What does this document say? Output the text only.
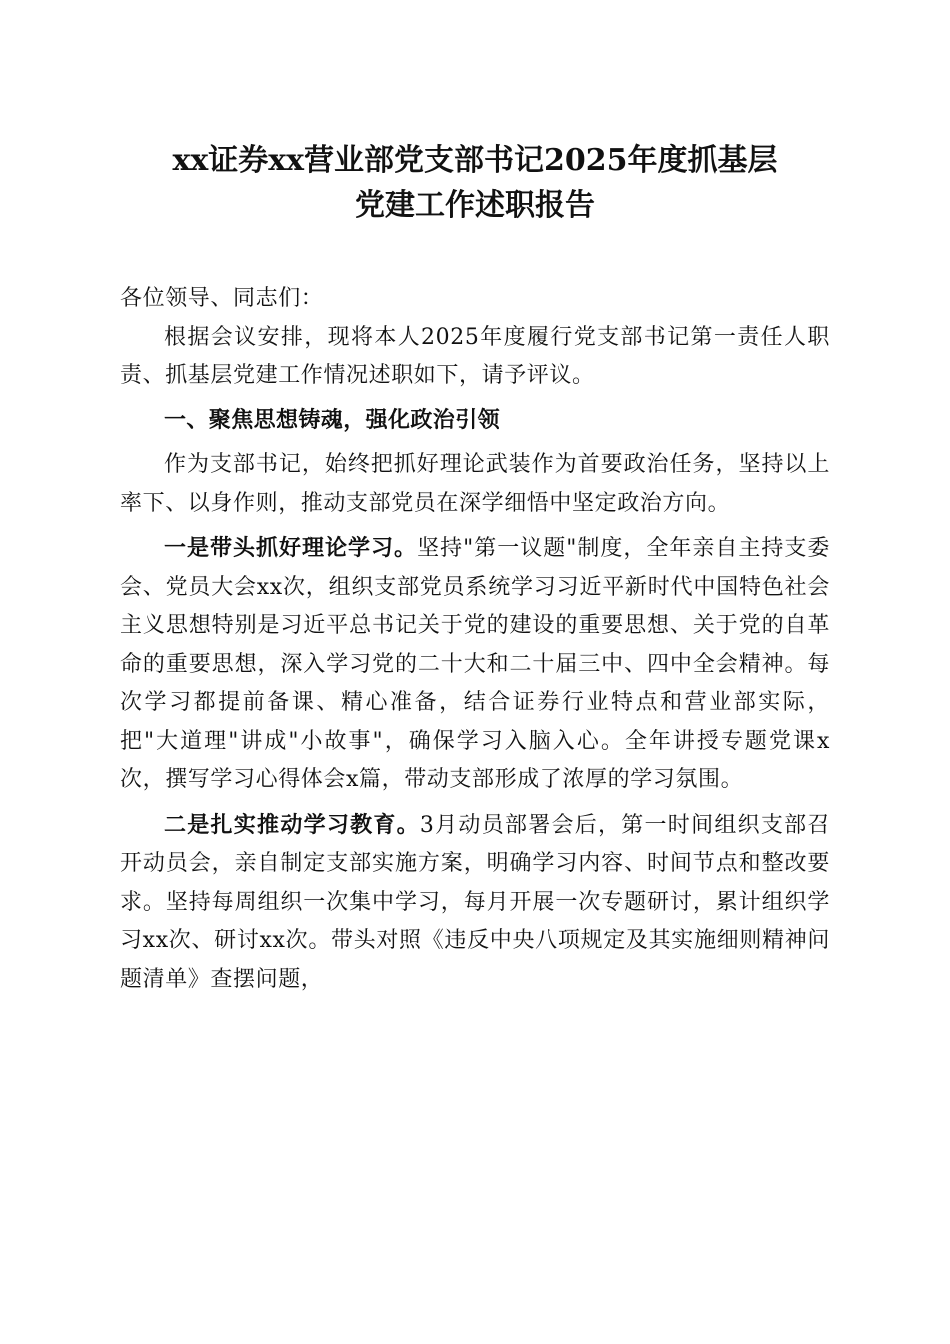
xx证券xx营业部党支部书记2025年度抓基层
党建工作述职报告

各位领导、同志们：

根据会议安排，现将本人2025年度履行党支部书记第一责任人职责、抓基层党建工作情况述职如下，请予评议。

一、聚焦思想铸魂，强化政治引领

作为支部书记，始终把抓好理论武装作为首要政治任务，坚持以上率下、以身作则，推动支部党员在深学细悟中坚定政治方向。

一是带头抓好理论学习。坚持"第一议题"制度，全年亲自主持支委会、党员大会xx次，组织支部党员系统学习习近平新时代中国特色社会主义思想特别是习近平总书记关于党的建设的重要思想、关于党的自革命的重要思想，深入学习党的二十大和二十届三中、四中全会精神。每次学习都提前备课、精心准备，结合证券行业特点和营业部实际，把"大道理"讲成"小故事"，确保学习入脑入心。全年讲授专题党课x次，撰写学习心得体会x篇，带动支部形成了浓厚的学习氛围。

二是扎实推动学习教育。3月动员部署会后，第一时间组织支部召开动员会，亲自制定支部实施方案，明确学习内容、时间节点和整改要求。坚持每周组织一次集中学习，每月开展一次专题研讨，累计组织学习xx次、研讨xx次。带头对照《违反中央八项规定及其实施细则精神问题清单》查摆问题，
